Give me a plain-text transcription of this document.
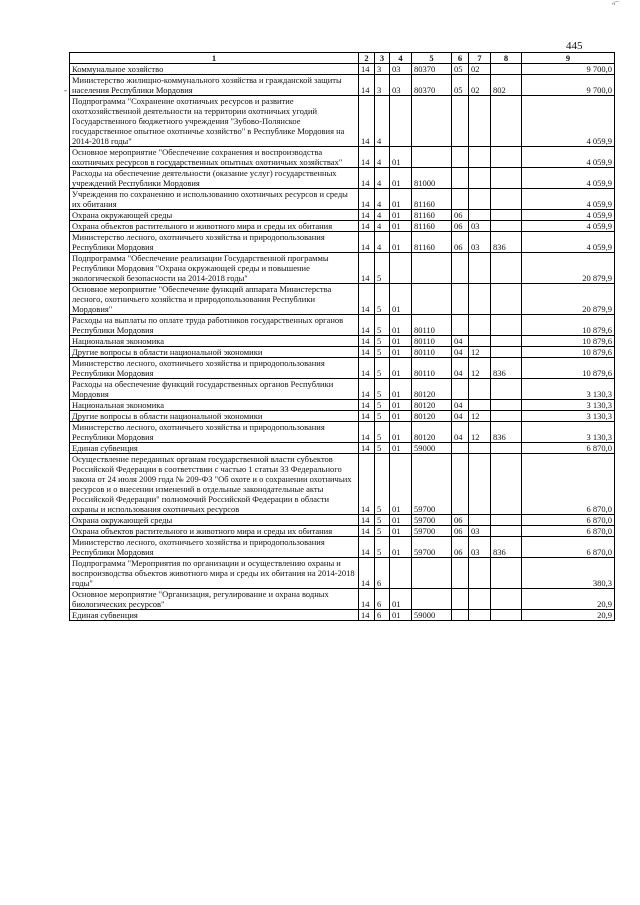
“‾‾
-
445
1	2	3	4	5	6	7	8	9
Коммунальное хозяйство	14	3	03	80370	05	02		9 700,0
Министерство жилищно-коммунального хозяйства и гражданской защиты населения Республики Мордовия	14	3	03	80370	05	02	802	9 700,0
Подпрограмма "Сохранение охотничьих ресурсов и развитие охотхозяйственной деятельности на территории охотничьих угодий Государственного бюджетного учреждения "Зубово-Полянское государственное опытное охотничье хозяйство" в Республике Мордовия на 2014-2018 годы"	14	4						4 059,9
Основное мероприятие "Обеспечение сохранения и воспроизводства охотничьих ресурсов в государственных опытных охотничьих хозяйствах"	14	4	01					4 059,9
Расходы на обеспечение деятельности (оказание услуг) государственных учреждений Республики Мордовия	14	4	01	81000				4 059,9
Учреждения по сохранению и использованию охотничьих ресурсов и среды их обитания	14	4	01	81160				4 059,9
Охрана окружающей среды	14	4	01	81160	06			4 059,9
Охрана объектов растительного и животного мира и среды их обитания	14	4	01	81160	06	03		4 059,9
Министерство лесного, охотничьего хозяйства и природопользования Республики Мордовия	14	4	01	81160	06	03	836	4 059,9
Подпрограмма "Обеспечение реализации Государственной программы Республики Мордовия "Охрана окружающей среды и повышение экологической безопасности на 2014-2018 годы"	14	5						20 879,9
Основное мероприятие "Обеспечение функций аппарата Министерства лесного, охотничьего хозяйства и природопользования Республики Мордовия"	14	5	01					20 879,9
Расходы на выплаты по оплате труда работников государственных органов Республики Мордовия	14	5	01	80110				10 879,6
Национальная экономика	14	5	01	80110	04			10 879,6
Другие вопросы в области национальной экономики	14	5	01	80110	04	12		10 879,6
Министерство лесного, охотничьего хозяйства и природопользования Республики Мордовия	14	5	01	80110	04	12	836	10 879,6
Расходы на обеспечение функций государственных органов Республики Мордовия	14	5	01	80120				3 130,3
Национальная экономика	14	5	01	80120	04			3 130,3
Другие вопросы в области национальной экономики	14	5	01	80120	04	12		3 130,3
Министерство лесного, охотничьего хозяйства и природопользования Республики Мордовия	14	5	01	80120	04	12	836	3 130,3
Единая субвенция	14	5	01	59000				6 870,0
Осуществление переданных органам государственной власти субъектов Российской Федерации в соответствии с частью 1 статьи 33 Федерального закона от 24 июля 2009 года № 209-ФЗ "Об охоте и о сохранении охотничьих ресурсов и о внесении изменений в отдельные законодательные акты Российской Федерации" полномочий Российской Федерации в области охраны и использования охотничьих ресурсов	14	5	01	59700				6 870,0
Охрана окружающей среды	14	5	01	59700	06			6 870,0
Охрана объектов растительного и животного мира и среды их обитания	14	5	01	59700	06	03		6 870,0
Министерство лесного, охотничьего хозяйства и природопользования Республики Мордовия	14	5	01	59700	06	03	836	6 870,0
Подпрограмма "Мероприятия по организации и осуществлению охраны и воспроизводства объектов животного мира и среды их обитания на 2014-2018 годы"	14	6						380,3
Основное мероприятие "Организация, регулирование и охрана водных биологических ресурсов"	14	6	01					20,9
Единая субвенция	14	6	01	59000				20,9
